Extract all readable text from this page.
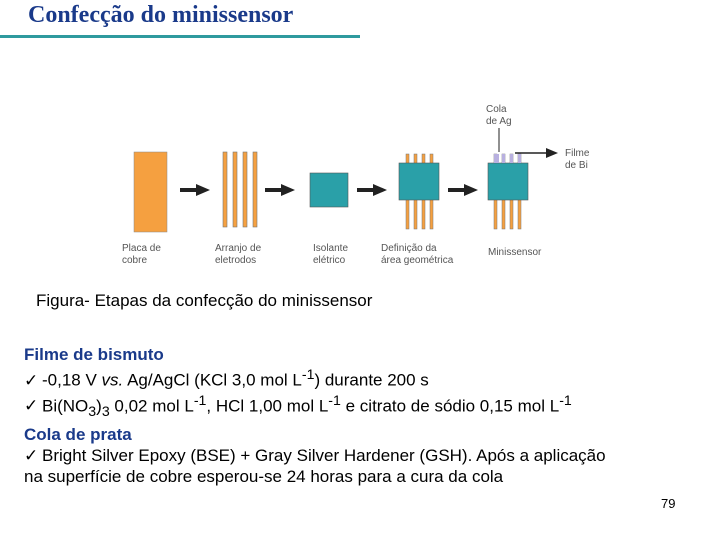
Confecção do minissensor
Cola
de Ag
Filme
de Bi
Placa de
cobre
Arranjo de
eletrodos
Isolante
elétrico
Definição da
área geométrica
Minissensor
Figura- Etapas da confecção do minissensor
Filme de bismuto
✓ -0,18 V vs. Ag/AgCl (KCl 3,0 mol $L^{-1}$) durante 200 s
✓ $Bi(NO_3)_3$ 0,02 mol $L^{-1}$, HCl 1,00 mol $L^{-1}$ e citrato de sódio 0,15 mol $L^{-1}$
Cola de prata
✓ Bright Silver Epoxy (BSE) + Gray Silver Hardener (GSH). Após a aplicação
na superfície de cobre esperou-se 24 horas para a cura da cola
79
